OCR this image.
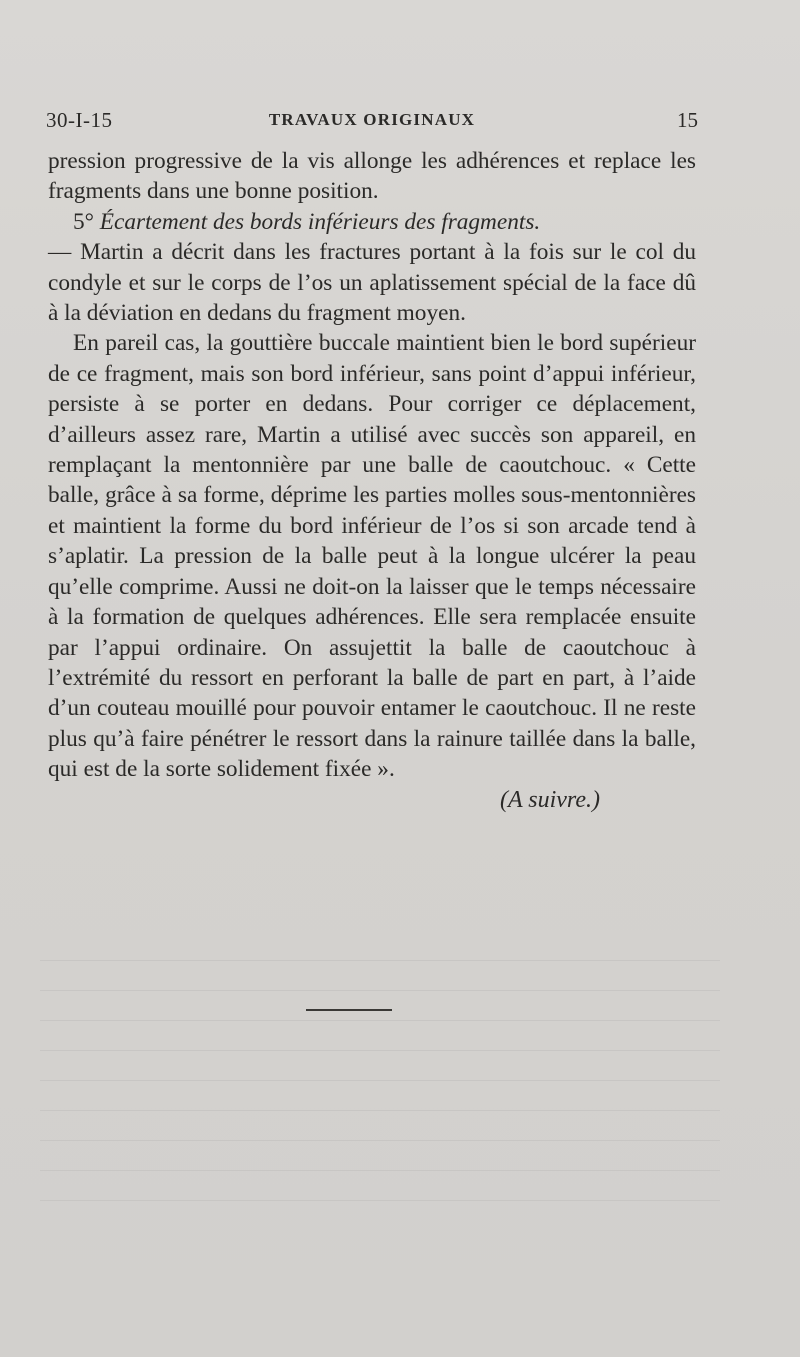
30-I-15	TRAVAUX ORIGINAUX	15

pression progressive de la vis allonge les adhérences et replace les fragments dans une bonne position.

5° Écartement des bords inférieurs des fragments.

— Martin a décrit dans les fractures portant à la fois sur le col du condyle et sur le corps de l’os un aplatissement spécial de la face dû à la déviation en dedans du fragment moyen.

En pareil cas, la gouttière buccale maintient bien le bord supérieur de ce fragment, mais son bord inférieur, sans point d’appui inférieur, persiste à se porter en dedans. Pour corriger ce déplacement, d’ailleurs assez rare, Martin a utilisé avec succès son appareil, en remplaçant la mentonnière par une balle de caoutchouc. « Cette balle, grâce à sa forme, déprime les parties molles sous-mentonnières et maintient la forme du bord inférieur de l’os si son arcade tend à s’aplatir. La pression de la balle peut à la longue ulcérer la peau qu’elle comprime. Aussi ne doit-on la laisser que le temps nécessaire à la formation de quelques adhérences. Elle sera remplacée ensuite par l’appui ordinaire. On assujettit la balle de caoutchouc à l’extrémité du ressort en perforant la balle de part en part, à l’aide d’un couteau mouillé pour pouvoir entamer le caoutchouc. Il ne reste plus qu’à faire pénétrer le ressort dans la rainure taillée dans la balle, qui est de la sorte solidement fixée ».

(A suivre.)
